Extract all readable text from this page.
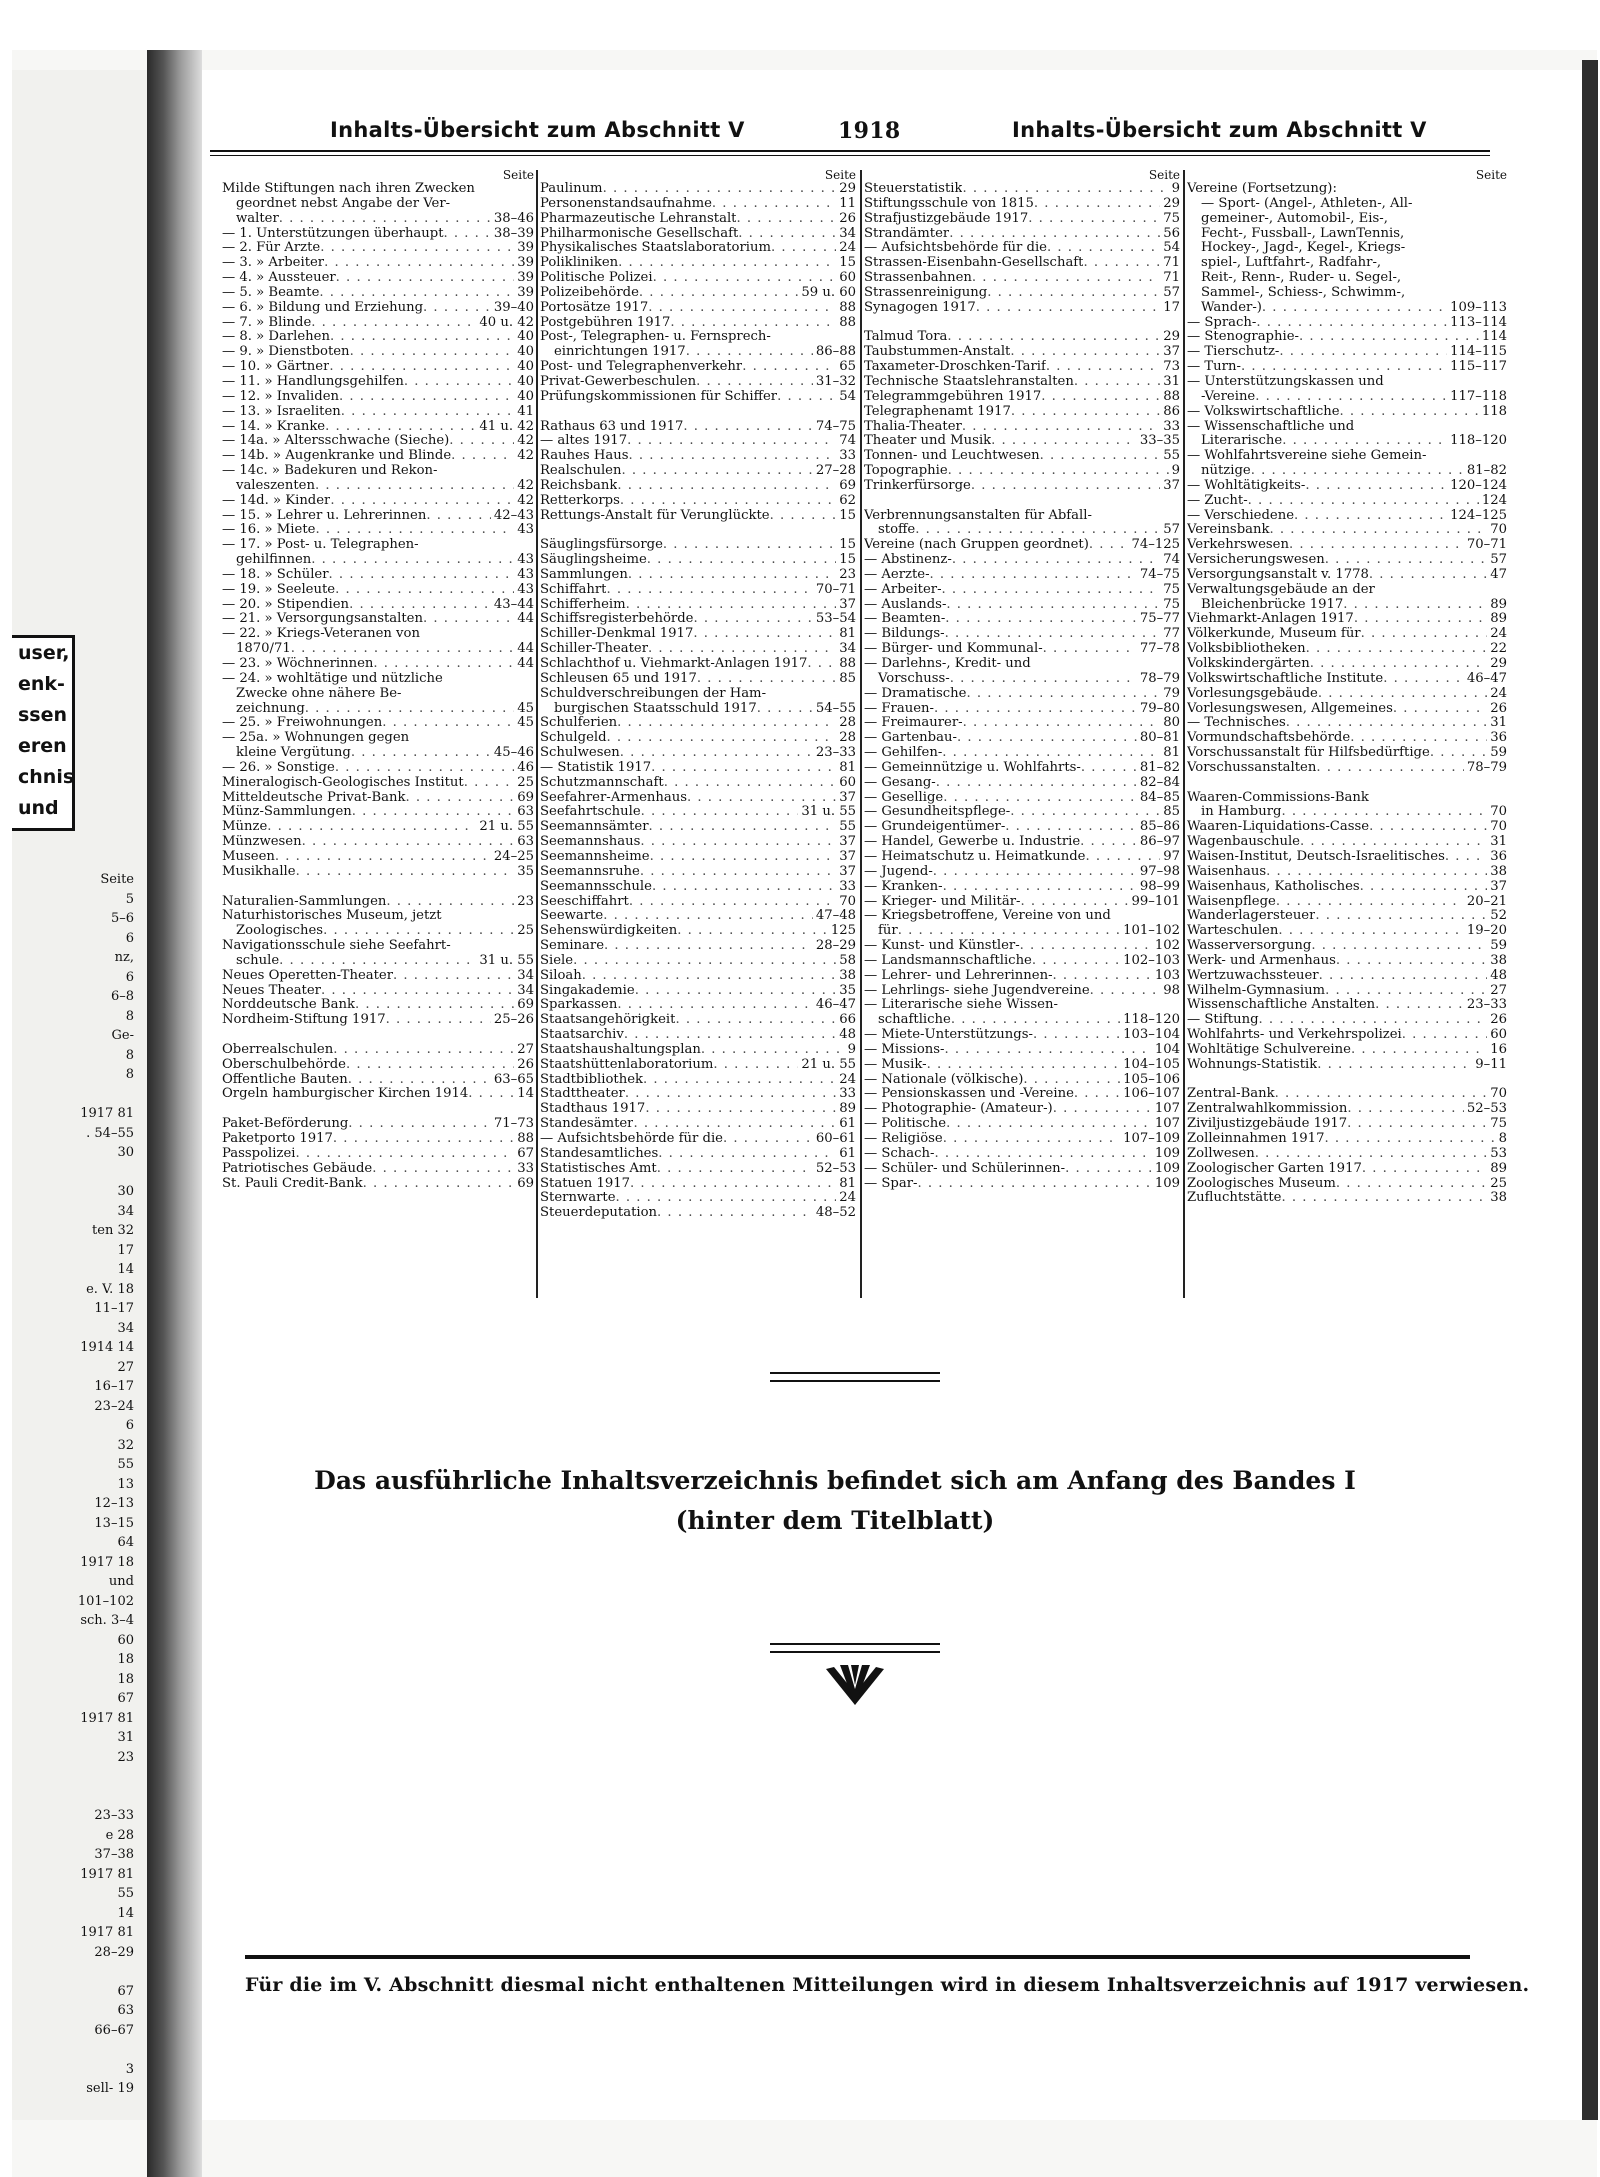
user,
enk-
ssen
eren
chnis
und
Seite
5
5–6
6
nz,
6
6–8
8
Ge-
8
8
1917 81
. 54–55
30
30
34
ten 32
17
14
e. V. 18
11–17
34
1914 14
27
16–17
23–24
6
32
55
13
12–13
13–15
64
1917 18
und
101–102
sch. 3–4
60
18
18
67
1917 81
31
23
23–33
e 28
37–38
1917 81
55
14
1917 81
28–29
67
63
66–67
3
sell- 19
Inhalts-Übersicht zum Abschnitt V	1918	Inhalts-Übersicht zum Abschnitt V
Seite
Milde Stiftungen nach ihren Zwecken
geordnet nebst Angabe der Ver-
walter . . .	38–46
— 1. Unterstützungen überhaupt . . .	38–39
— 2. Für Ärzte . . .	39
— 3. » Arbeiter . . .	39
— 4. » Aussteuer . . .	39
— 5. » Beamte . . .	39
— 6. » Bildung und Erziehung . . .	39–40
— 7. » Blinde . . .	40 u. 42
— 8. » Darlehen . . .	40
— 9. » Dienstboten . . .	40
— 10. » Gärtner . . .	40
— 11. » Handlungsgehilfen . . .	40
— 12. » Invaliden . . .	40
— 13. » Israeliten . . .	41
— 14. » Kranke . . .	41 u. 42
— 14a. » Altersschwache (Sieche) . . .	42
— 14b. » Augenkranke und Blinde . . .	42
— 14c. » Badekuren und Rekon-
valeszenten . . .	42
— 14d. » Kinder . . .	42
— 15. » Lehrer u. Lehrerinnen . . .	42–43
— 16. » Miete . . .	43
— 17. » Post- u. Telegraphen-
gehilfinnen . . .	43
— 18. » Schüler . . .	43
— 19. » Seeleute . . .	43
— 20. » Stipendien . . .	43–44
— 21. » Versorgungsanstalten . . .	44
— 22. » Kriegs-Veteranen von
1870/71 . . .	44
— 23. » Wöchnerinnen . . .	44
— 24. » wohltätige und nützliche
Zwecke ohne nähere Be-
zeichnung . . .	45
— 25. » Freiwohnungen . . .	45
— 25a. » Wohnungen gegen
kleine Vergütung . . .	45–46
— 26. » Sonstige . . .	46
Mineralogisch-Geologisches Institut . . .	25
Mitteldeutsche Privat-Bank . . .	69
Münz-Sammlungen . . .	63
Münze . . .	21 u. 55
Münzwesen . . .	63
Museen . . .	24–25
Musikhalle . . .	35
Naturalien-Sammlungen . . .	23
Naturhistorisches Museum, jetzt
Zoologisches . . .	25
Navigationsschule siehe Seefahrt-
schule . . .	31 u. 55
Neues Operetten-Theater . . .	34
Neues Theater . . .	34
Norddeutsche Bank . . .	69
Nordheim-Stiftung 1917 . . .	25–26
Oberrealschulen . . .	27
Oberschulbehörde . . .	26
Öffentliche Bauten . . .	63–65
Orgeln hamburgischer Kirchen 1914 . . .	14
Paket-Beförderung . . .	71–73
Paketporto 1917 . . .	88
Passpolizei . . .	67
Patriotisches Gebäude . . .	33
St. Pauli Credit-Bank . . .	69
Seite
Paulinum . . .	29
Personenstandsaufnahme . . .	11
Pharmazeutische Lehranstalt . . .	26
Philharmonische Gesellschaft . . .	34
Physikalisches Staatslaboratorium . . .	24
Polikliniken . . .	15
Politische Polizei . . .	60
Polizeibehörde . . .	59 u. 60
Portosätze 1917 . . .	88
Postgebühren 1917 . . .	88
Post-, Telegraphen- u. Fernsprech-
einrichtungen 1917 . . .	86–88
Post- und Telegraphenverkehr . . .	65
Privat-Gewerbeschulen . . .	31–32
Prüfungskommissionen für Schiffer . . .	54
Rathaus 63 und 1917 . . .	74–75
— altes 1917 . . .	74
Rauhes Haus . . .	33
Realschulen . . .	27–28
Reichsbank . . .	69
Retterkorps . . .	62
Rettungs-Anstalt für Verunglückte . . .	15
Säuglingsfürsorge . . .	15
Säuglingsheime . . .	15
Sammlungen . . .	23
Schiffahrt . . .	70–71
Schifferheim . . .	37
Schiffsregisterbehörde . . .	53–54
Schiller-Denkmal 1917 . . .	81
Schiller-Theater . . .	34
Schlachthof u. Viehmarkt-Anlagen 1917 . . . 88
Schleusen 65 und 1917 . . .	85
Schuldverschreibungen der Ham-
burgischen Staatsschuld 1917 . . .	54–55
Schulferien . . .	28
Schulgeld . . .	28
Schulwesen . . .	23–33
— Statistik 1917 . . .	81
Schutzmannschaft . . .	60
Seefahrer-Armenhaus . . .	37
Seefahrtschule . . .	31 u. 55
Seemannsämter . . .	55
Seemannshaus . . .	37
Seemannsheime . . .	37
Seemannsruhe . . .	37
Seemannsschule . . .	33
Seeschiffahrt . . .	70
Seewarte . . .	47–48
Sehenswürdigkeiten . . .	125
Seminare . . .	28–29
Siele . . .	58
Siloah . . .	38
Singakademie . . .	35
Sparkassen . . .	46–47
Staatsangehörigkeit . . .	66
Staatsarchiv . . .	48
Staatshaushaltungsplan . . .	9
Staatshüttenlaboratorium . . .	21 u. 55
Stadtbibliothek . . .	24
Stadttheater . . .	33
Stadthaus 1917 . . .	89
Standesämter . . .	61
— Aufsichtsbehörde für die . . .	60–61
Standesamtliches . . .	61
Statistisches Amt . . .	52–53
Statuen 1917 . . .	81
Sternwarte . . .	24
Steuerdeputation . . .	48–52
Seite
Steuerstatistik . . .	9
Stiftungsschule von 1815 . . .	29
Strafjustizgebäude 1917 . . .	75
Strandämter . . .	56
— Aufsichtsbehörde für die . . .	54
Strassen-Eisenbahn-Gesellschaft . . .	71
Strassenbahnen . . .	71
Strassenreinigung . . .	57
Synagogen 1917 . . .	17
Talmud Tora . . .	29
Taubstummen-Anstalt . . .	37
Taxameter-Droschken-Tarif . . .	73
Technische Staatslehranstalten . . .	31
Telegrammgebühren 1917 . . .	88
Telegraphenamt 1917 . . .	86
Thalia-Theater . . .	33
Theater und Musik . . .	33–35
Tonnen- und Leuchtwesen . . .	55
Topographie . . .	9
Trinkerfürsorge . . .	37
Verbrennungsanstalten für Abfall-
stoffe . . .	57
Vereine (nach Gruppen geordnet) . . .	74–125
— Abstinenz- . . .	74
— Aerzte- . . .	74–75
— Arbeiter- . . .	75
— Auslands- . . .	75
— Beamten- . . .	75–77
— Bildungs- . . .	77
— Bürger- und Kommunal- . . .	77–78
— Darlehns-, Kredit- und
Vorschuss- . . .	78–79
— Dramatische . . .	79
— Frauen- . . .	79–80
— Freimaurer- . . .	80
— Gartenbau- . . .	80–81
— Gehilfen- . . .	81
— Gemeinnützige u. Wohlfahrts- . . .	81–82
— Gesang- . . .	82–84
— Gesellige . . .	84–85
— Gesundheitspflege- . . .	85
— Grundeigentümer- . . .	85–86
— Handel, Gewerbe u. Industrie . . .	86–97
— Heimatschutz u. Heimatkunde . . .	97
— Jugend- . . .	97–98
— Kranken- . . .	98–99
— Krieger- und Militär- . . .	99–101
— Kriegsbetroffene, Vereine von und
für . . .	101–102
— Kunst- und Künstler- . . .	102
— Landsmannschaftliche . . .	102–103
— Lehrer- und Lehrerinnen- . . .	103
— Lehrlings- siehe Jugendvereine . . .	98
— Literarische siehe Wissen-
schaftliche . . .	118–120
— Miete-Unterstützungs- . . .	103–104
— Missions- . . .	104
— Musik- . . .	104–105
— Nationale (völkische) . . .	105–106
— Pensionskassen und -Vereine . . .	106–107
— Photographie- (Amateur-) . . .	107
— Politische . . .	107
— Religiöse . . .	107–109
— Schach- . . .	109
— Schüler- und Schülerinnen- . . .	109
— Spar- . . .	109
Seite
Vereine (Fortsetzung):
— Sport- (Angel-, Athleten-, All-
gemeiner-, Automobil-, Eis-,
Fecht-, Fussball-, LawnTennis,
Hockey-, Jagd-, Kegel-, Kriegs-
spiel-, Luftfahrt-, Radfahr-,
Reit-, Renn-, Ruder- u. Segel-,
Sammel-, Schiess-, Schwimm-,
Wander-) . . .	109–113
— Sprach- . . .	113–114
— Stenographie- . . .	114
— Tierschutz- . . .	114–115
— Turn- . . .	115–117
— Unterstützungskassen und
-Vereine . . .	117–118
— Volkswirtschaftliche . . .	118
— Wissenschaftliche und
Literarische . . .	118–120
— Wohlfahrtsvereine siehe Gemein-
nützige . . .	81–82
— Wohltätigkeits- . . .	120–124
— Zucht- . . .	124
— Verschiedene . . .	124–125
Vereinsbank . . .	70
Verkehrswesen . . .	70–71
Versicherungswesen . . .	57
Versorgungsanstalt v. 1778 . . .	47
Verwaltungsgebäude an der
Bleichenbrücke 1917 . . .	89
Viehmarkt-Anlagen 1917 . . .	89
Völkerkunde, Museum für . . .	24
Volksbibliotheken . . .	22
Volkskindergärten . . .	29
Volkswirtschaftliche Institute . . .	46–47
Vorlesungsgebäude . . .	24
Vorlesungswesen, Allgemeines . . .	26
— Technisches . . .	31
Vormundschaftsbehörde . . .	36
Vorschussanstalt für Hilfsbedürftige . . .	59
Vorschussanstalten . . .	78–79
Waaren-Commissions-Bank
in Hamburg . . .	70
Waaren-Liquidations-Casse . . .	70
Wagenbauschule . . .	31
Waisen-Institut, Deutsch-Israelitisches . . .	36
Waisenhaus . . .	38
Waisenhaus, Katholisches . . .	37
Waisenpflege . . .	20–21
Wanderlagersteuer . . .	52
Warteschulen . . .	19–20
Wasserversorgung . . .	59
Werk- und Armenhaus . . .	38
Wertzuwachssteuer . . .	48
Wilhelm-Gymnasium . . .	27
Wissenschaftliche Anstalten . . .	23–33
— Stiftung . . .	26
Wohlfahrts- und Verkehrspolizei . . .	60
Wohltätige Schulvereine . . .	16
Wohnungs-Statistik . . .	9–11
Zentral-Bank . . .	70
Zentralwahlkommission . . .	52–53
Ziviljustizgebäude 1917 . . .	75
Zolleinnahmen 1917 . . .	8
Zollwesen . . .	53
Zoologischer Garten 1917 . . .	89
Zoologisches Museum . . .	25
Zufluchtstätte . . .	38
Das ausführliche Inhaltsverzeichnis befindet sich am Anfang des Bandes I
(hinter dem Titelblatt)
Für die im V. Abschnitt diesmal nicht enthaltenen Mitteilungen wird in diesem Inhaltsverzeichnis auf 1917 verwiesen.
